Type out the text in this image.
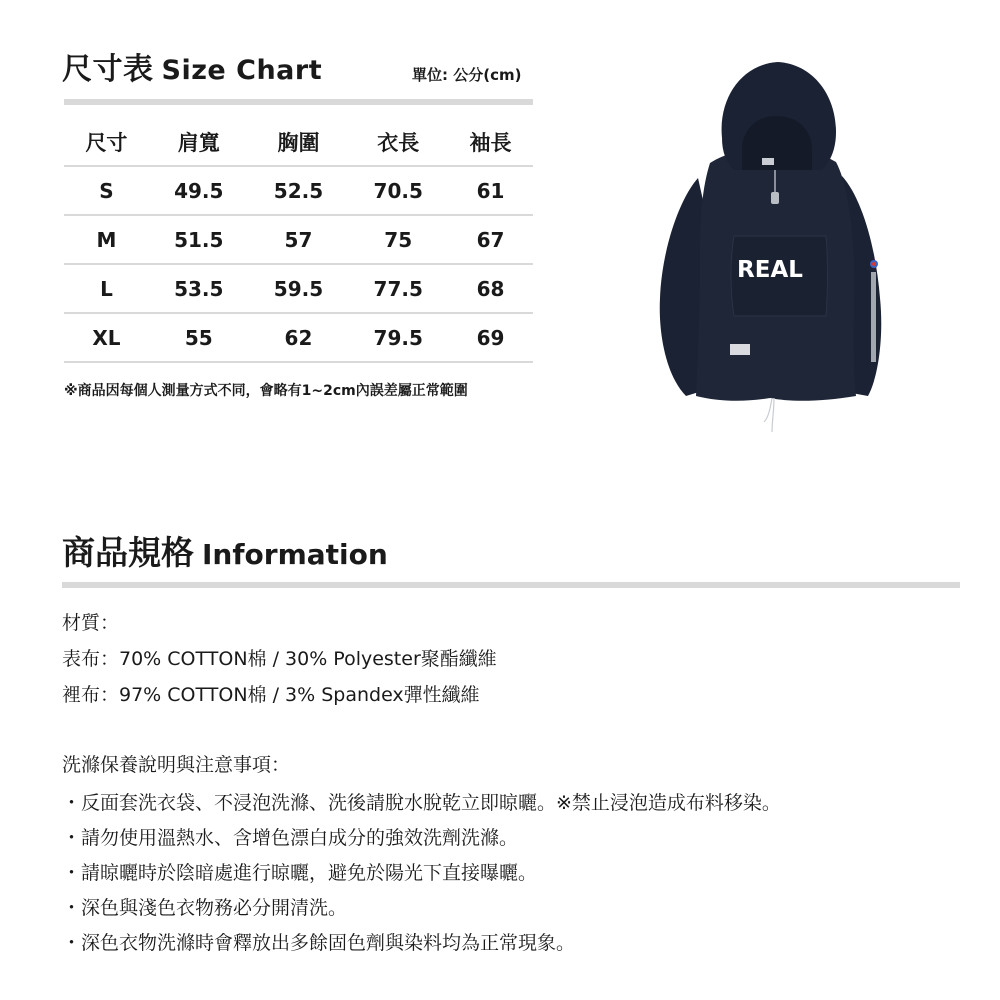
尺寸表 Size Chart	單位: 公分(cm)
尺寸	肩寬	胸圍	衣長	袖長
S	49.5	52.5	70.5	61
M	51.5	57	75	67
L	53.5	59.5	77.5	68
XL	55	62	79.5	69
※商品因每個人測量方式不同，會略有1~2cm內誤差屬正常範圍
REAL
商品規格 Information
材質：
表布：70% COTTON棉 / 30% Polyester聚酯纖維
裡布：97% COTTON棉 / 3% Spandex彈性纖維
洗滌保養說明與注意事項：
・反面套洗衣袋、不浸泡洗滌、洗後請脫水脫乾立即晾曬。※禁止浸泡造成布料移染。
・請勿使用溫熱水、含增色漂白成分的強效洗劑洗滌。
・請晾曬時於陰暗處進行晾曬，避免於陽光下直接曝曬。
・深色與淺色衣物務必分開清洗。
・深色衣物洗滌時會釋放出多餘固色劑與染料均為正常現象。
